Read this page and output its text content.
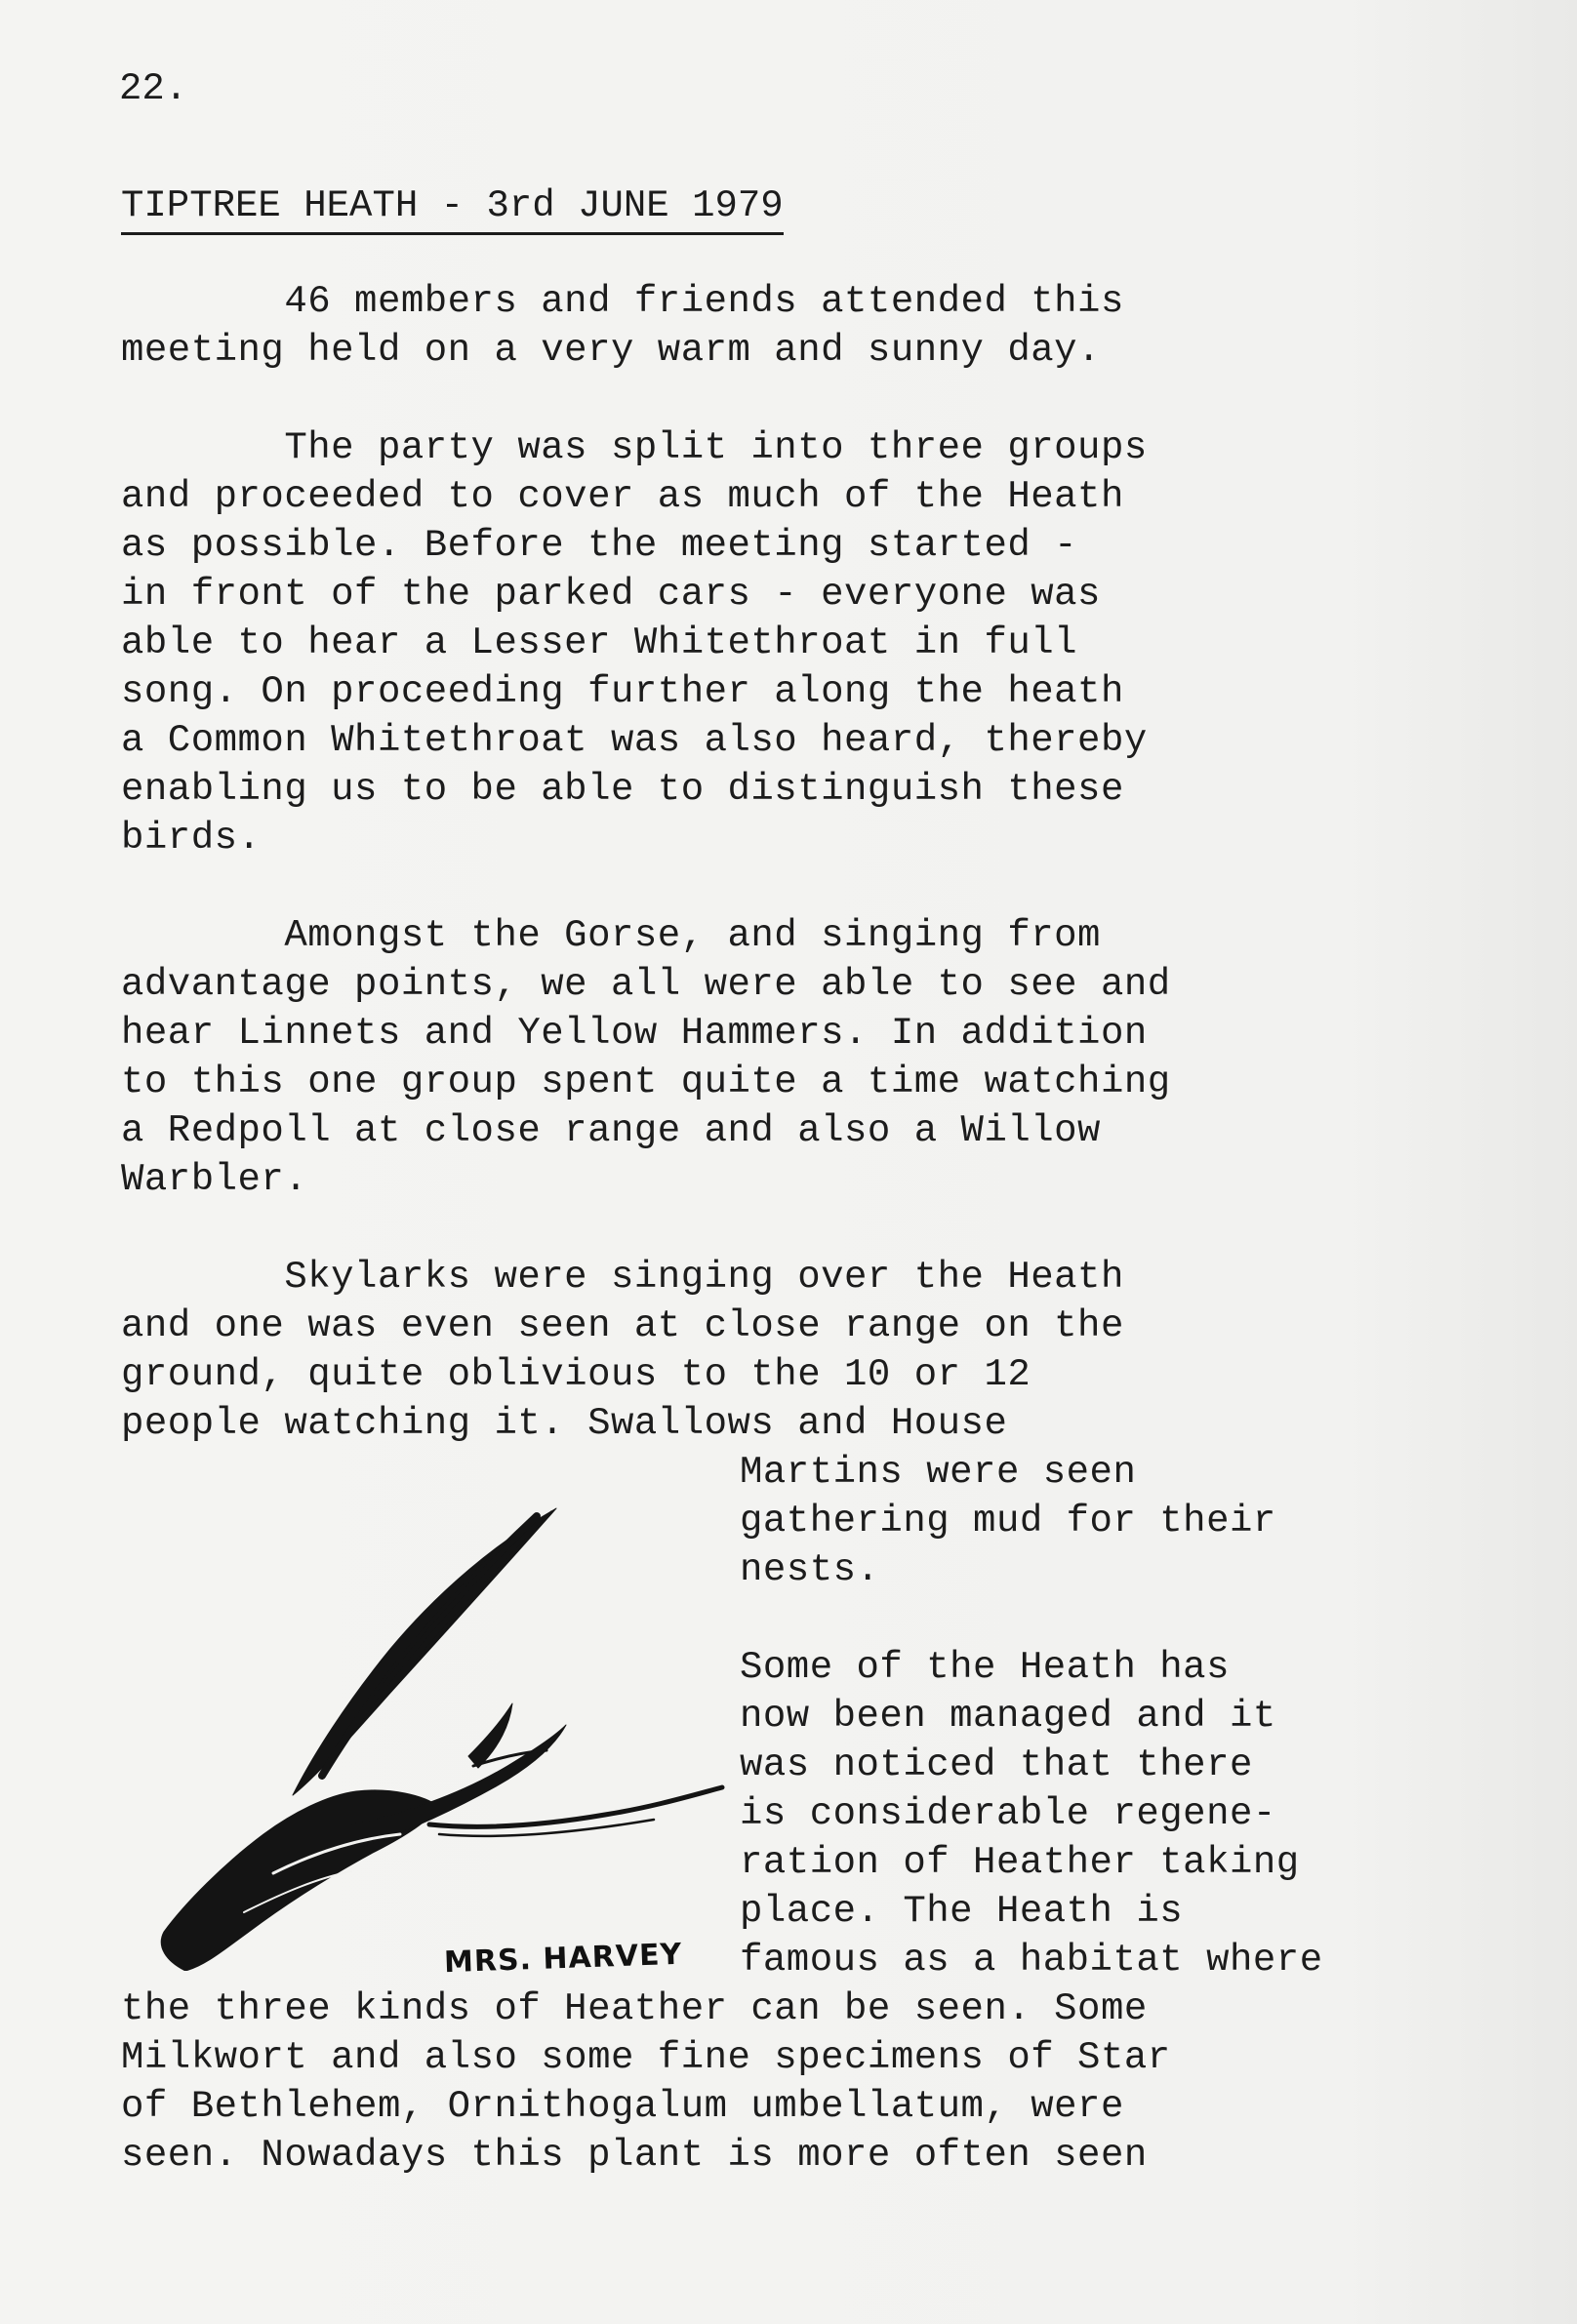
22.
TIPTREE HEATH - 3rd JUNE 1979
46 members and friends attended this
meeting held on a very warm and sunny day.
The party was split into three groups
and proceeded to cover as much of the Heath
as possible. Before the meeting started -
in front of the parked cars - everyone was
able to hear a Lesser Whitethroat in full
song. On proceeding further along the heath
a Common Whitethroat was also heard, thereby
enabling us to be able to distinguish these
birds.
Amongst the Gorse, and singing from
advantage points, we all were able to see and
hear Linnets and Yellow Hammers. In addition
to this one group spent quite a time watching
a Redpoll at close range and also a Willow
Warbler.
Skylarks were singing over the Heath
and one was even seen at close range on the
ground, quite oblivious to the 10 or 12
people watching it. Swallows and House
Martins were seen
gathering mud for their
nests.
Some of the Heath has
now been managed and it
was noticed that there
is considerable regene-
ration of Heather taking
place. The Heath is
famous as a habitat where
the three kinds of Heather can be seen. Some
Milkwort and also some fine specimens of Star
of Bethlehem, Ornithogalum umbellatum, were
seen. Nowadays this plant is more often seen
MRS. HARVEY
